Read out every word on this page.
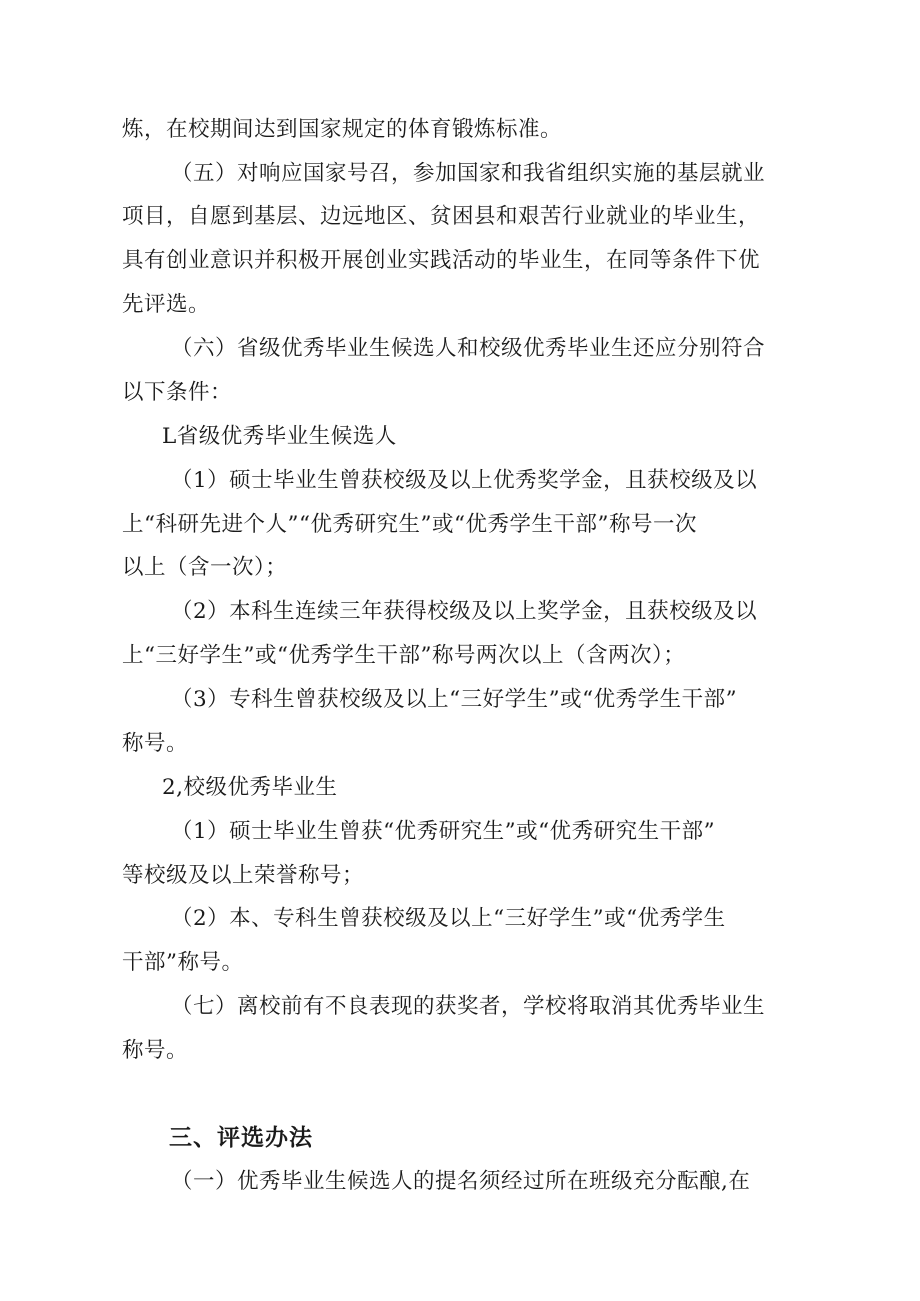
炼，在校期间达到国家规定的体育锻炼标准。

（五）对响应国家号召，参加国家和我省组织实施的基层就业

项目，自愿到基层、边远地区、贫困县和艰苦行业就业的毕业生，

具有创业意识并积极开展创业实践活动的毕业生，在同等条件下优

先评选。

（六）省级优秀毕业生候选人和校级优秀毕业生还应分别符合

以下条件：

L省级优秀毕业生候选人

（1）硕士毕业生曾获校级及以上优秀奖学金，且获校级及以

上“科研先进个人”“优秀研究生”或“优秀学生干部”称号一次

以上（含一次）；

（2）本科生连续三年获得校级及以上奖学金，且获校级及以

上“三好学生”或“优秀学生干部”称号两次以上（含两次）；

（3）专科生曾获校级及以上“三好学生”或“优秀学生干部”

称号。

2,校级优秀毕业生

（1）硕士毕业生曾获“优秀研究生”或“优秀研究生干部”

等校级及以上荣誉称号；

（2）本、专科生曾获校级及以上“三好学生”或“优秀学生

干部”称号。

（七）离校前有不良表现的获奖者，学校将取消其优秀毕业生

称号。

三、评选办法

（一）优秀毕业生候选人的提名须经过所在班级充分酝酿,在
